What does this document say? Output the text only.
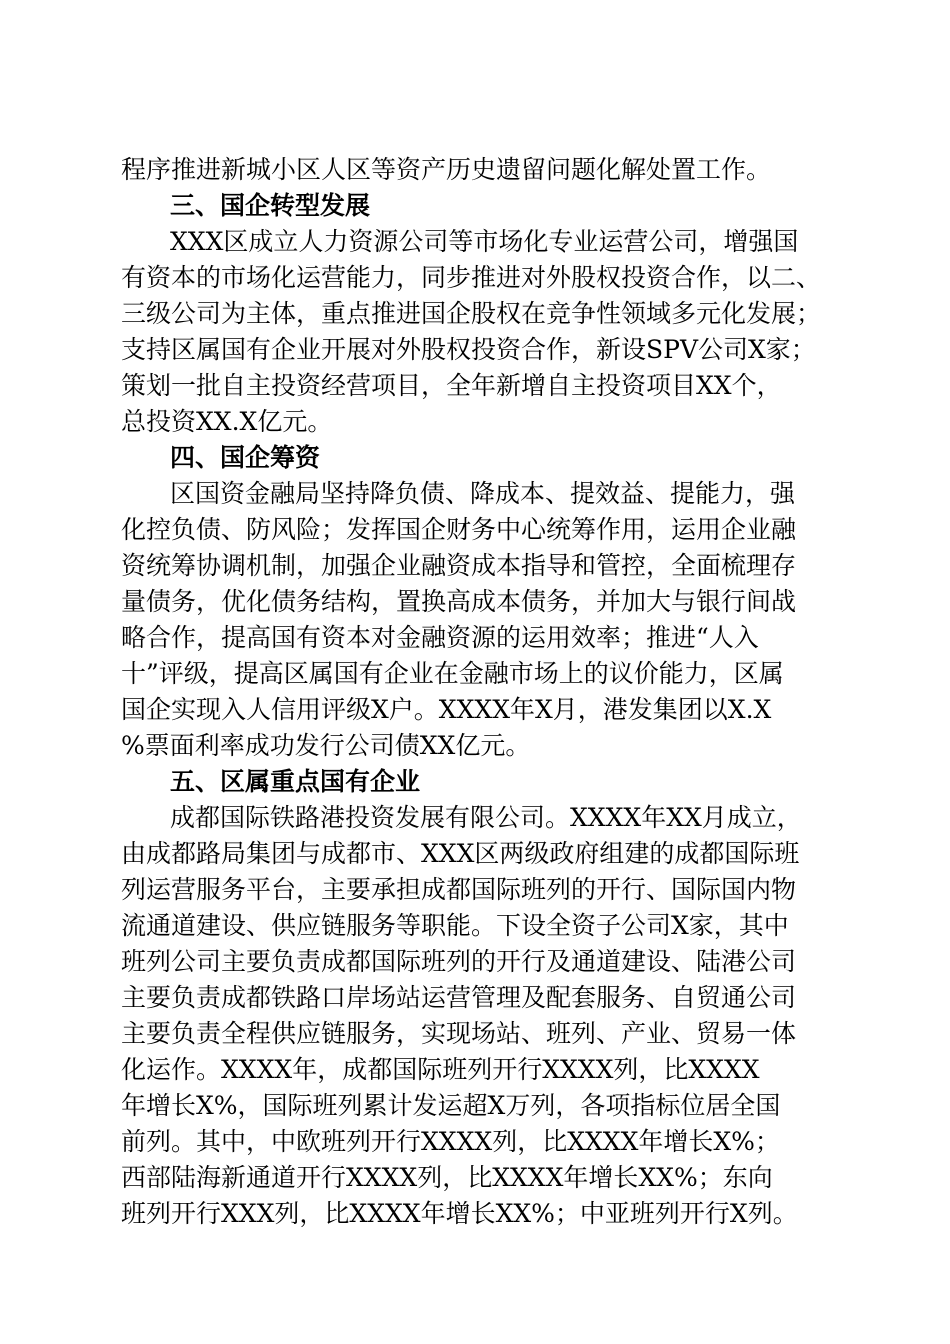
程序推进新城小区人区等资产历史遗留问题化解处置工作。

三、国企转型发展

XXX区成立人力资源公司等市场化专业运营公司，增强国

有资本的市场化运营能力，同步推进对外股权投资合作，以二、

三级公司为主体，重点推进国企股权在竞争性领域多元化发展；

支持区属国有企业开展对外股权投资合作，新设SPV公司X家；

策划一批自主投资经营项目，全年新增自主投资项目XX个，

总投资XX.X亿元。

四、国企筹资

区国资金融局坚持降负债、降成本、提效益、提能力，强

化控负债、防风险；发挥国企财务中心统筹作用，运用企业融

资统筹协调机制，加强企业融资成本指导和管控，全面梳理存

量债务，优化债务结构，置换高成本债务，并加大与银行间战

略合作，提高国有资本对金融资源的运用效率；推进“人入

十”评级，提高区属国有企业在金融市场上的议价能力，区属

国企实现入人信用评级X户。XXXX年X月，港发集团以X.X

%票面利率成功发行公司债XX亿元。

五、区属重点国有企业

成都国际铁路港投资发展有限公司。XXXX年XX月成立，

由成都路局集团与成都市、XXX区两级政府组建的成都国际班

列运营服务平台，主要承担成都国际班列的开行、国际国内物

流通道建设、供应链服务等职能。下设全资子公司X家，其中

班列公司主要负责成都国际班列的开行及通道建设、陆港公司

主要负责成都铁路口岸场站运营管理及配套服务、自贸通公司

主要负责全程供应链服务，实现场站、班列、产业、贸易一体

化运作。XXXX年，成都国际班列开行XXXX列，比XXXX

年增长X%，国际班列累计发运超X万列，各项指标位居全国

前列。其中，中欧班列开行XXXX列，比XXXX年增长X%；

西部陆海新通道开行XXXX列，比XXXX年增长XX%；东向

班列开行XXX列，比XXXX年增长XX%；中亚班列开行X列。
